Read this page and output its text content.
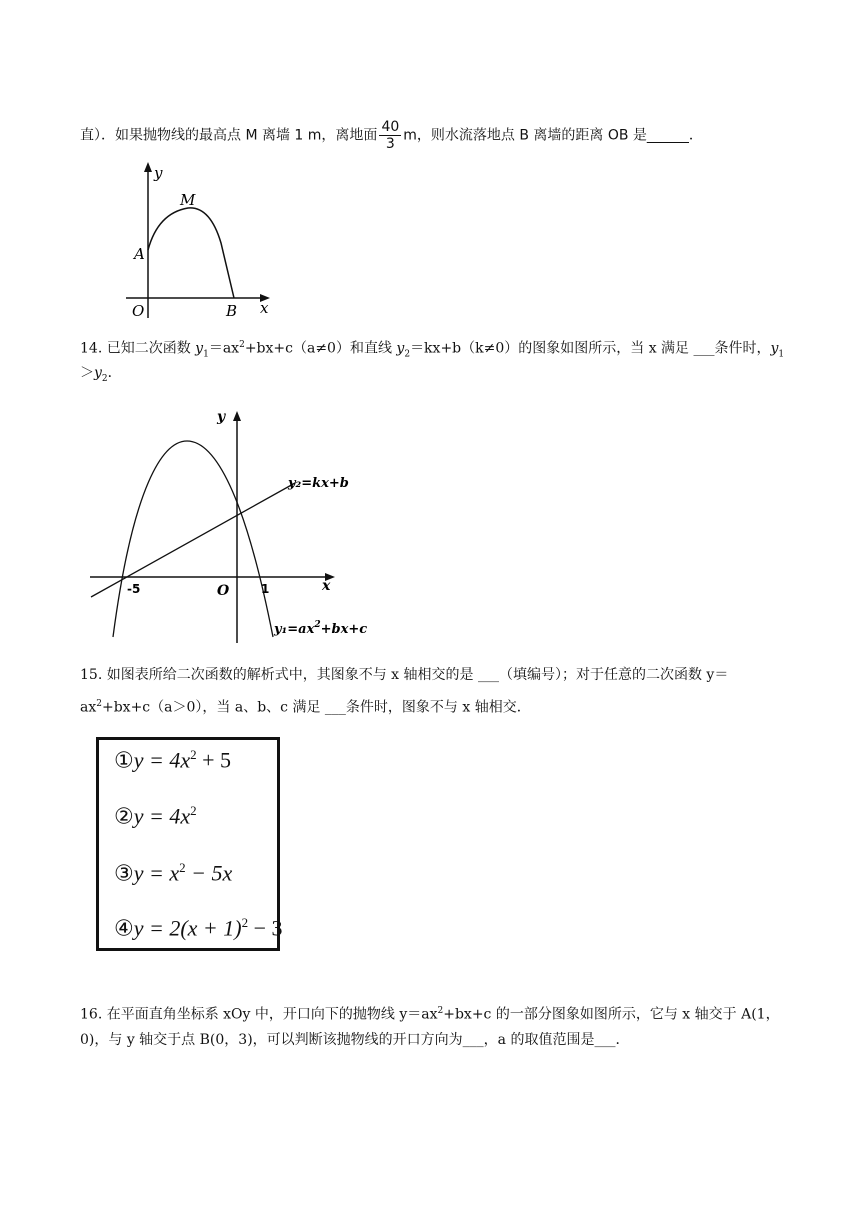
直）．如果抛物线的最高点 M 离墙 1 m，离地面 $\frac{40}{3}$ m，则水流落地点 B 离墙的距离 OB 是______．
y
M
A
O	B x
14. 已知二次函数 $y_1=ax^2+bx+c(a\ne 0)$和直线 $y_2=kx+b(k\ne 0)$的图象如图所示，当 x 满足 ___条件时，$y_1$
$>y_2$．
y
x
O
-5	1
y₂=kx+b
$y_1=ax^2+bx+c$
15. 如图表所给二次函数的解析式中，其图象不与 x 轴相交的是 ___（填编号）；对于任意的二次函数 y＝
$ax^2+bx+c(a>0)$，当 a、b、c 满足 ___条件时，图象不与 x 轴相交．
①y = $4x^2 + 5$
②y = $4x^2$
③y = $x^2 - 5x$
④y = $2(x + 1)^2 - 3$
16. 在平面直角坐标系 xOy 中，开口向下的抛物线 $y=ax^2+bx+c$ 的一部分图象如图所示，它与 x 轴交于 A(1，
0)，与 y 轴交于点 B(0，3)，可以判断该抛物线的开口方向为___，a 的取值范围是___．
